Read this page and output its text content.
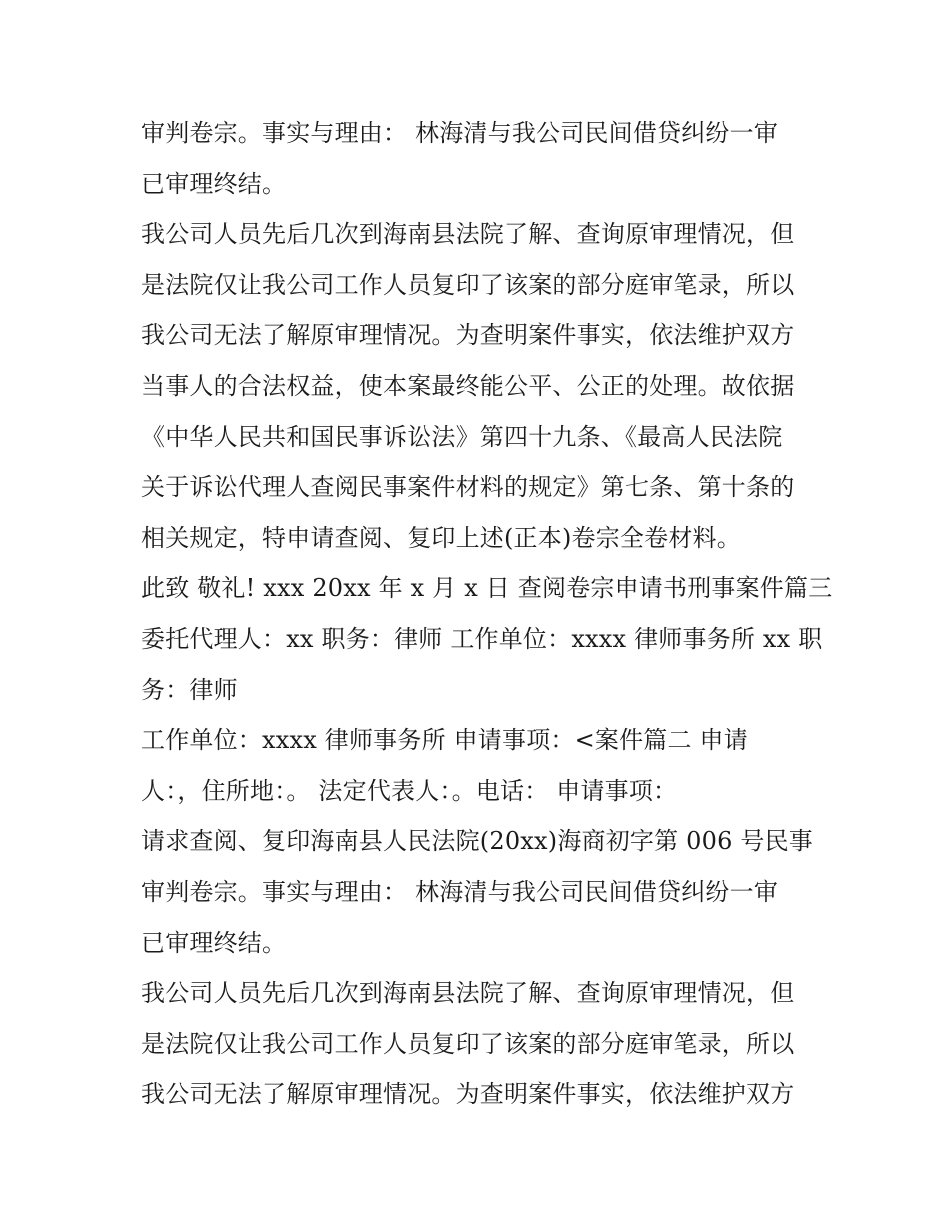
审判卷宗。事实与理由： 林海清与我公司民间借贷纠纷一审
已审理终结。
我公司人员先后几次到海南县法院了解、查询原审理情况，但
是法院仅让我公司工作人员复印了该案的部分庭审笔录，所以
我公司无法了解原审理情况。为查明案件事实，依法维护双方
当事人的合法权益，使本案最终能公平、公正的处理。故依据
《中华人民共和国民事诉讼法》第四十九条、《最高人民法院
关于诉讼代理人查阅民事案件材料的规定》第七条、第十条的
相关规定，特申请查阅、复印上述(正本)卷宗全卷材料。
此致 敬礼! xxx 20xx 年 x 月 x 日 查阅卷宗申请书刑事案件篇三
委托代理人：xx 职务：律师 工作单位：xxxx 律师事务所 xx 职
务：律师
工作单位：xxxx 律师事务所 申请事项：<案件篇二 申请
人：，住所地：。 法定代表人：。电话： 申请事项：
请求查阅、复印海南县人民法院(20xx)海商初字第 006 号民事
审判卷宗。事实与理由： 林海清与我公司民间借贷纠纷一审
已审理终结。
我公司人员先后几次到海南县法院了解、查询原审理情况，但
是法院仅让我公司工作人员复印了该案的部分庭审笔录，所以
我公司无法了解原审理情况。为查明案件事实，依法维护双方
